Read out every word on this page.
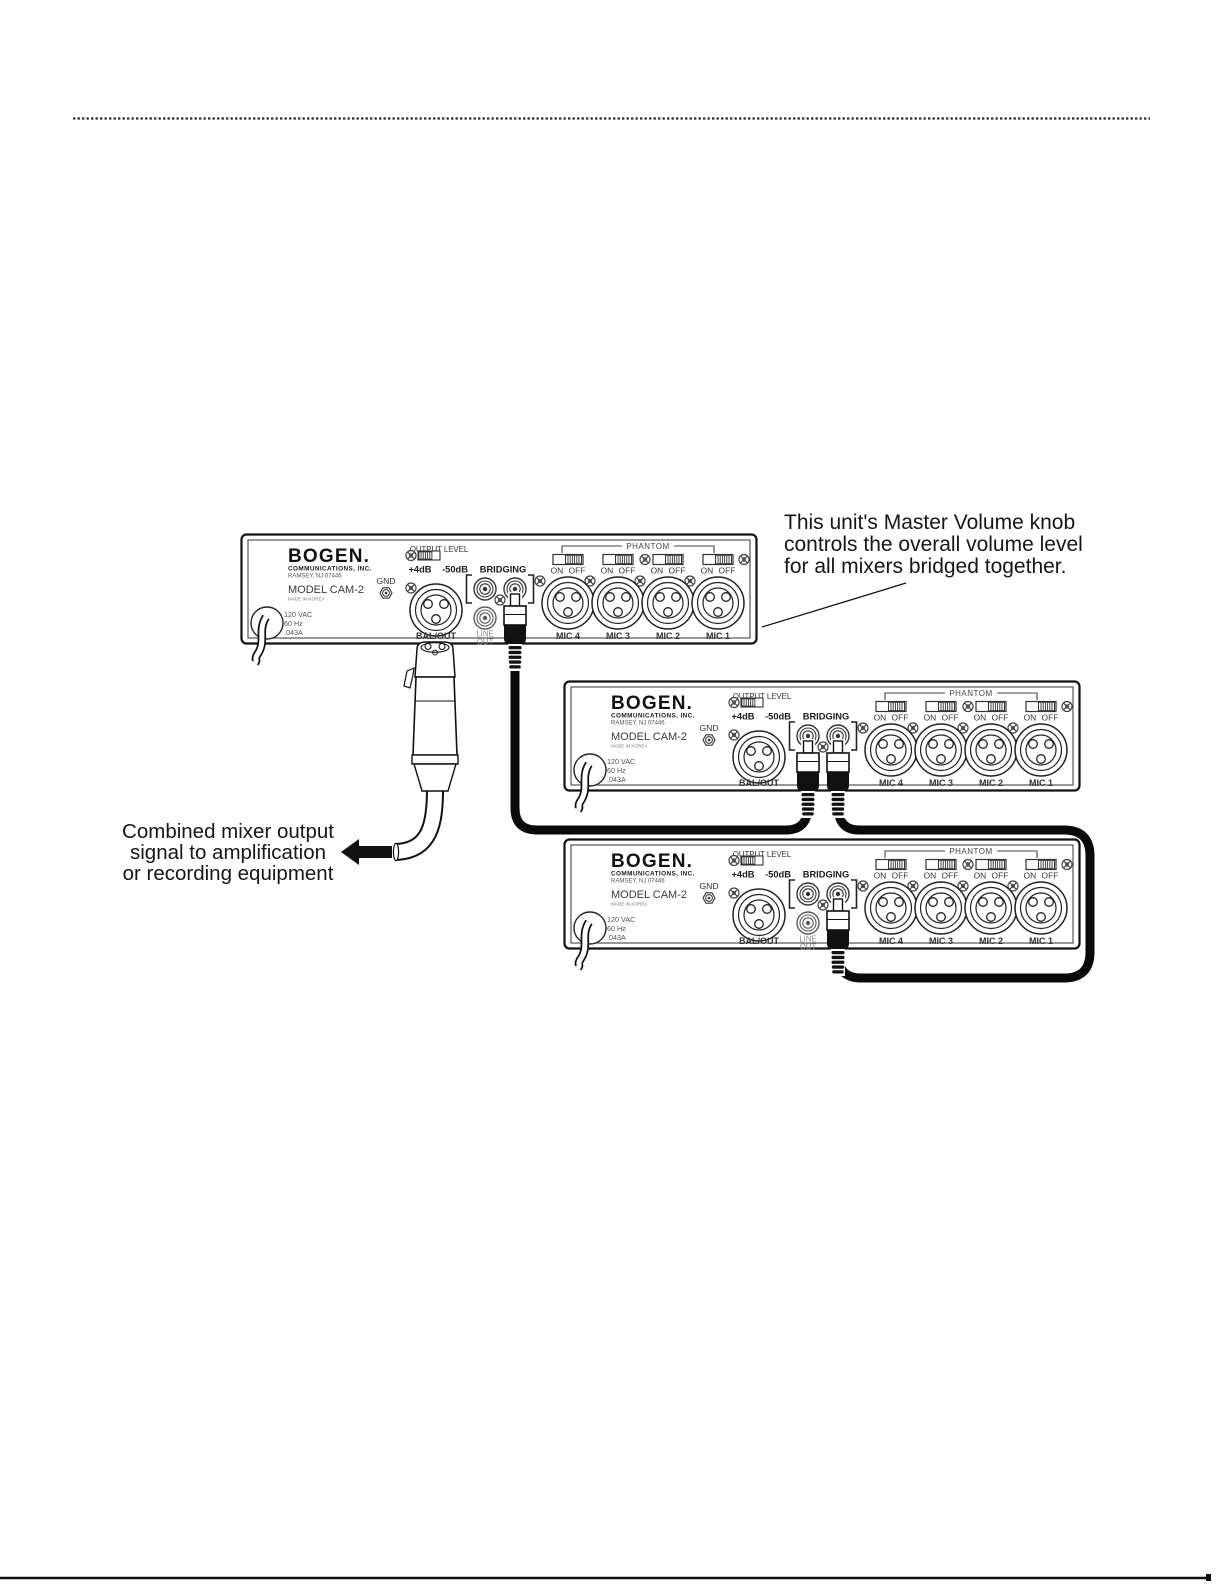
BOGEN.
COMMUNICATIONS, INC.
RAMSEY, NJ 07446
MODEL CAM-2
MADE IN KOREA
120 VAC
60 Hz
.043A
GND
OUTPUT LEVEL
+4dB	-50dB
BAL/OUT
BRIDGING
LINE
OUT
PHANTOM
ON OFF	ON OFF	ON OFF	ON OFF
MIC 4	MIC 3	MIC 2	MIC 1
This unit's Master Volume knob
controls the overall volume level
for all mixers bridged together.
Combined mixer output
signal to amplification
or recording equipment
